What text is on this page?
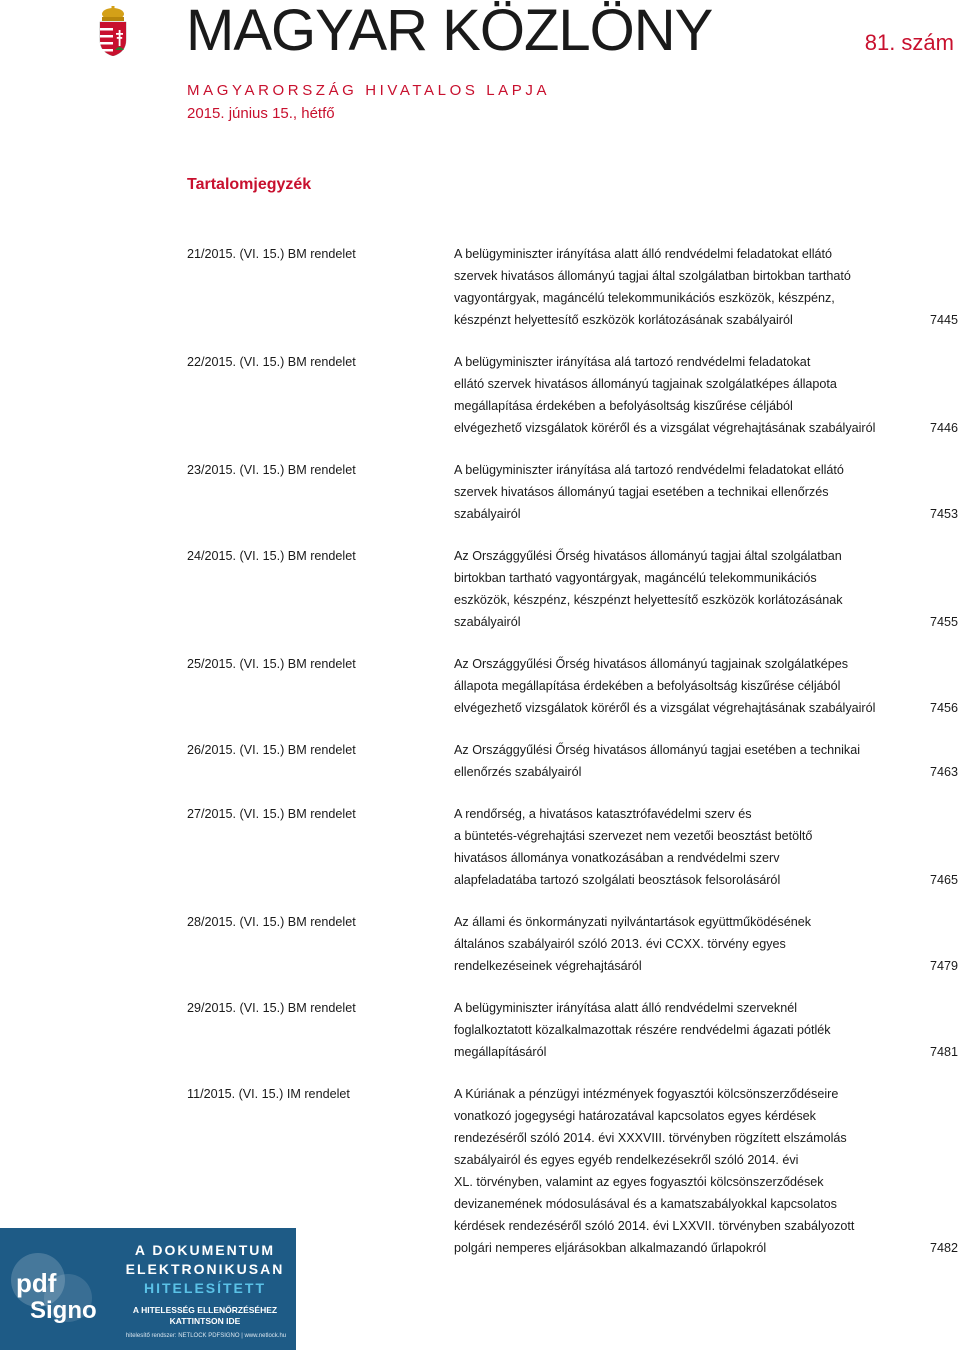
MAGYAR KÖZLÖNY	81. szám
MAGYARORSZÁG HIVATALOS LAPJA
2015. június 15., hétfő
Tartalomjegyzék
21/2015. (VI. 15.) BM rendelet	A belügyminiszter irányítása alatt álló rendvédelmi feladatokat ellátó
szervek hivatásos állományú tagjai által szolgálatban birtokban tartható
vagyontárgyak, magáncélú telekommunikációs eszközök, készpénz,
készpénzt helyettesítő eszközök korlátozásának szabályairól	7445
22/2015. (VI. 15.) BM rendelet	A belügyminiszter irányítása alá tartozó rendvédelmi feladatokat
ellátó szervek hivatásos állományú tagjainak szolgálatképes állapota
megállapítása érdekében a befolyásoltság kiszűrése céljából
elvégezhető vizsgálatok köréről és a vizsgálat végrehajtásának szabályairól	7446
23/2015. (VI. 15.) BM rendelet	A belügyminiszter irányítása alá tartozó rendvédelmi feladatokat ellátó
szervek hivatásos állományú tagjai esetében a technikai ellenőrzés
szabályairól	7453
24/2015. (VI. 15.) BM rendelet	Az Országgyűlési Őrség hivatásos állományú tagjai által szolgálatban
birtokban tartható vagyontárgyak, magáncélú telekommunikációs
eszközök, készpénz, készpénzt helyettesítő eszközök korlátozásának
szabályairól	7455
25/2015. (VI. 15.) BM rendelet	Az Országgyűlési Őrség hivatásos állományú tagjainak szolgálatképes
állapota megállapítása érdekében a befolyásoltság kiszűrése céljából
elvégezhető vizsgálatok köréről és a vizsgálat végrehajtásának szabályairól	7456
26/2015. (VI. 15.) BM rendelet	Az Országgyűlési Őrség hivatásos állományú tagjai esetében a technikai
ellenőrzés szabályairól	7463
27/2015. (VI. 15.) BM rendelet	A rendőrség, a hivatásos katasztrófavédelmi szerv és
a büntetés-végrehajtási szervezet nem vezetői beosztást betöltő
hivatásos állománya vonatkozásában a rendvédelmi szerv
alapfeladatába tartozó szolgálati beosztások felsorolásáról	7465
28/2015. (VI. 15.) BM rendelet	Az állami és önkormányzati nyilvántartások együttműködésének
általános szabályairól szóló 2013. évi CCXX. törvény egyes
rendelkezéseinek végrehajtásáról	7479
29/2015. (VI. 15.) BM rendelet	A belügyminiszter irányítása alatt álló rendvédelmi szerveknél
foglalkoztatott közalkalmazottak részére rendvédelmi ágazati pótlék
megállapításáról	7481
11/2015. (VI. 15.) IM rendelet	A Kúriának a pénzügyi intézmények fogyasztói kölcsönszerződéseire
vonatkozó jogegységi határozatával kapcsolatos egyes kérdések
rendezéséről szóló 2014. évi XXXVIII. törvényben rögzített elszámolás
szabályairól és egyes egyéb rendelkezésekről szóló 2014. évi
XL. törvényben, valamint az egyes fogyasztói kölcsönszerződések
devizanemének módosulásával és a kamatszabályokkal kapcsolatos
kérdések rendezéséről szóló 2014. évi LXXVII. törvényben szabályozott
polgári nemperes eljárásokban alkalmazandó űrlapokról	7482
pdf
Signo
A DOKUMENTUM
ELEKTRONIKUSAN
HITELESÍTETT
A HITELESSÉG ELLENŐRZÉSÉHEZ
KATTINTSON IDE
hitelesítő rendszer: NETLOCK PDFSIGNO | www.netlock.hu
